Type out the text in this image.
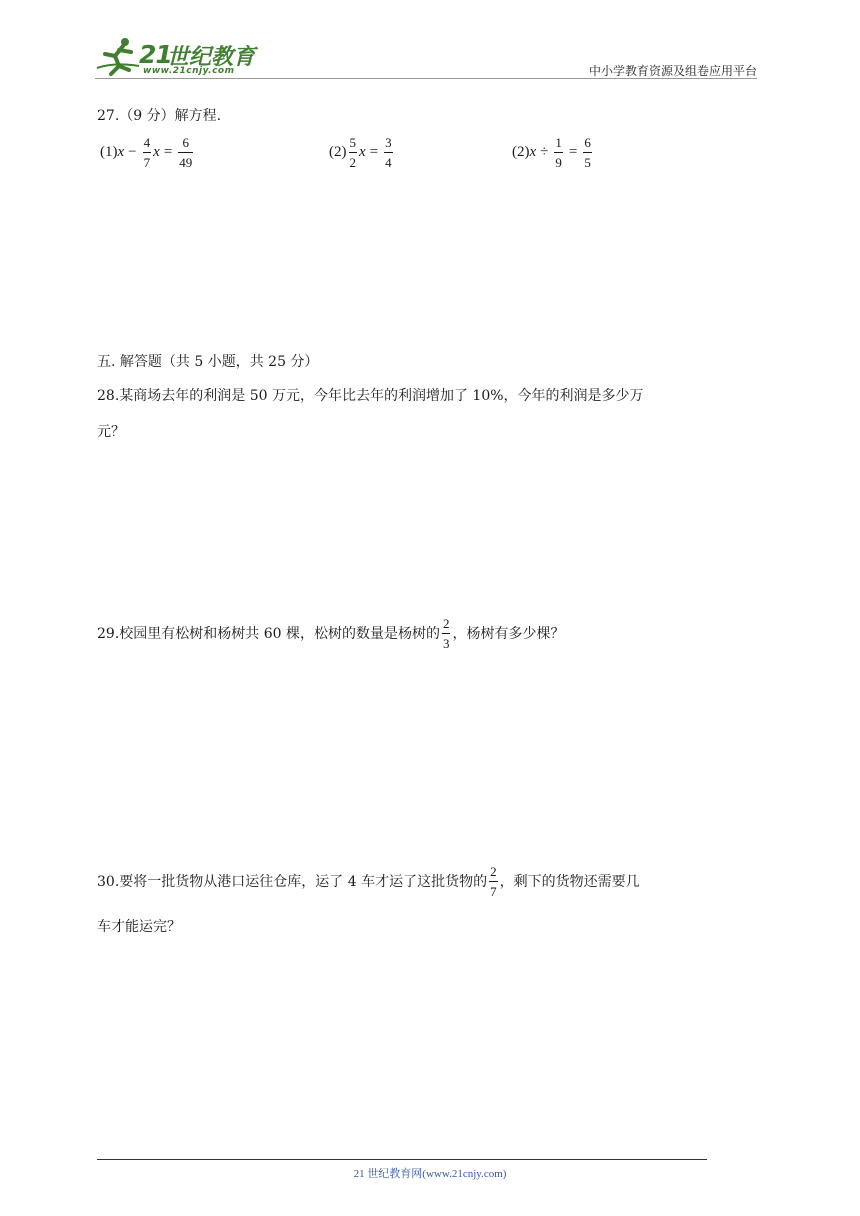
21
世纪教育
www.21cnjy.com	中小学教育资源及组卷应用平台
27.（9 分）解方程.
(1) $x - \frac{4}{7}$ $x = \frac{6}{49}$	$(2) \frac{5}{2}$ $x = \frac{3}{4}$	(2) $x \div \frac{1}{9} = \frac{6}{5}$
五. 解答题（共 5 小题，共 25 分）
28.某商场去年的利润是 50 万元，今年比去年的利润增加了 10%，今年的利润是多少万
元？
29.校园里有松树和杨树共 60 棵，松树的数量是杨树的 $\frac{2}{3}$ ，杨树有多少棵？
30.要将一批货物从港口运往仓库，运了 4 车才运了这批货物的 $\frac{2}{7}$ ，剩下的货物还需要几
车才能运完？
21 世纪教育网(www.21cnjy.com)
